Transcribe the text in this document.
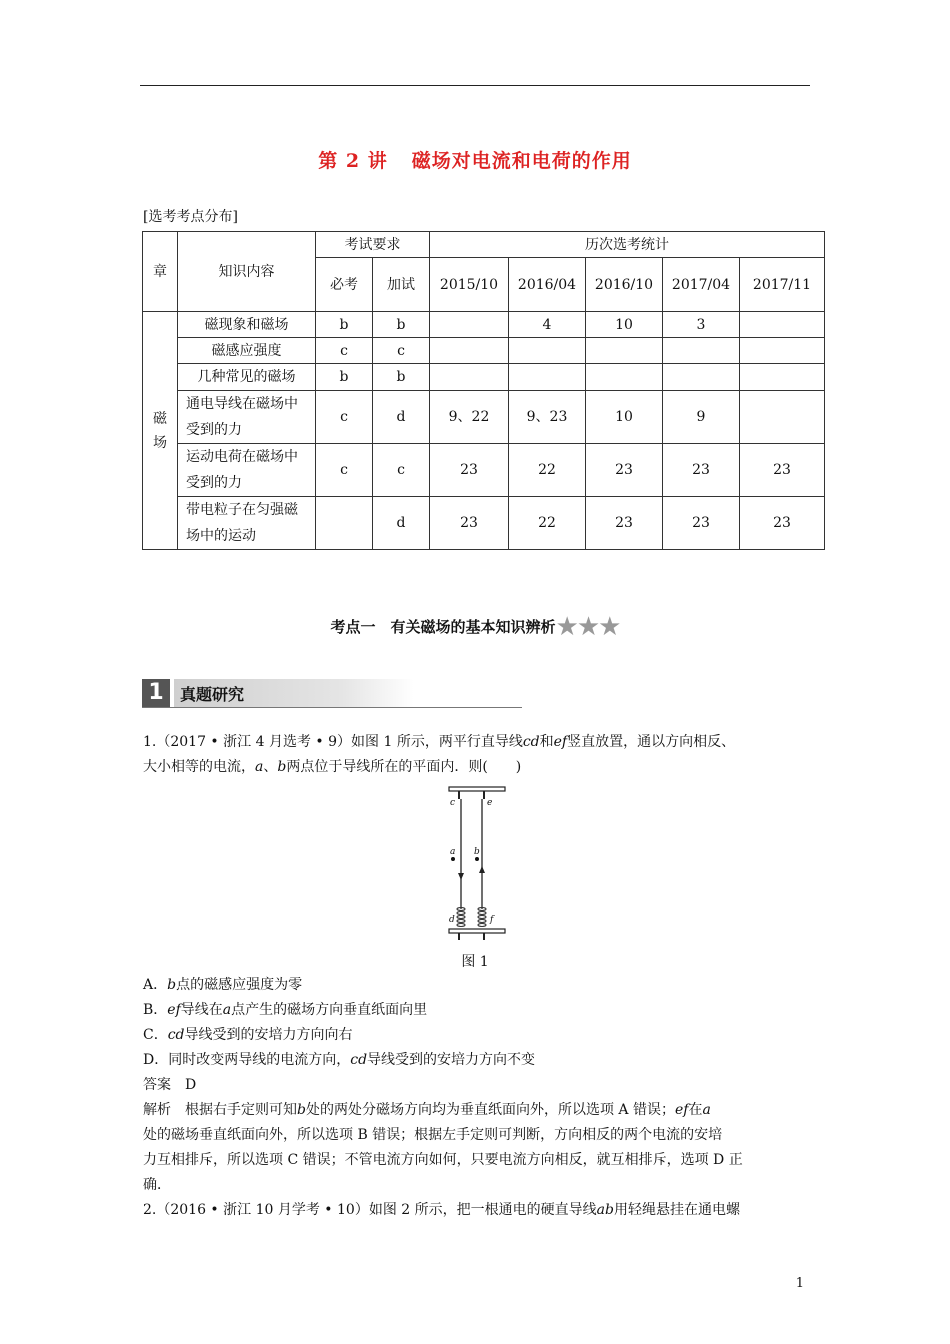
第 2 讲 磁场对电流和电荷的作用
[选考考点分布]
章	知识内容	考试要求		历次选考统计				
		必考	加试	2015/10	2016/04	2016/10	2017/04	2017/11
磁场	磁现象和磁场	b	b		4	10	3	
	磁感应强度	c	c					
	几种常见的磁场	b	b					
	通电导线在磁场中受到的力	c	d	9、22	9、23	10	9	
	运动电荷在磁场中受到的力	c	c	23	22	23	23	23
	带电粒子在匀强磁场中的运动		d	23	22	23	23	23
考点一　有关磁场的基本知识辨析★★★
1	真题研究

1.（2017 • 浙江 4 月选考 • 9）如图 1 所示，两平行直导线cd和ef竖直放置，通以方向相反、

大小相等的电流，a、b两点位于导线所在的平面内．则(　　)

c	e
a b
d	f
图 1

A．b点的磁感应强度为零

B．ef导线在a点产生的磁场方向垂直纸面向里

C．cd导线受到的安培力方向向右

D．同时改变两导线的电流方向，cd导线受到的安培力方向不变

答案　D

解析　根据右手定则可知b处的两处分磁场方向均为垂直纸面向外，所以选项 A 错误；ef在a

处的磁场垂直纸面向外，所以选项 B 错误；根据左手定则可判断，方向相反的两个电流的安培

力互相排斥，所以选项 C 错误；不管电流方向如何，只要电流方向相反，就互相排斥，选项 D 正

确．

2.（2016 • 浙江 10 月学考 • 10）如图 2 所示，把一根通电的硬直导线ab用轻绳悬挂在通电螺

1
